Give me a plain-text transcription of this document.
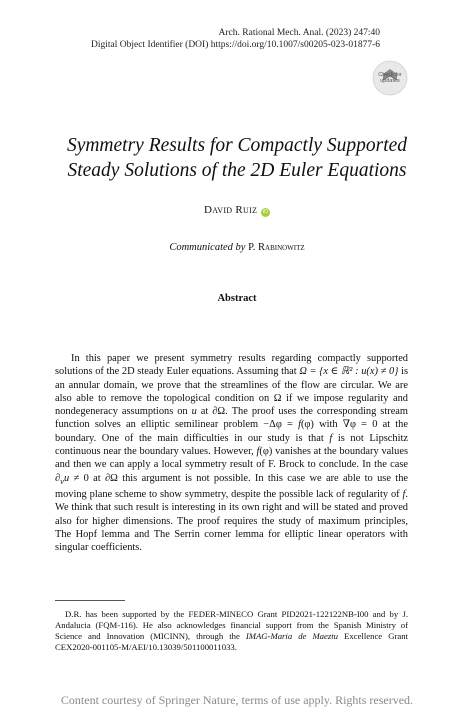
Arch. Rational Mech. Anal. (2023) 247:40
Digital Object Identifier (DOI) https://doi.org/10.1007/s00205-023-01877-6
Check for
updates
Symmetry Results for Compactly Supported
Steady Solutions of the 2D Euler Equations
David Ruiz iD
Communicated by P. Rabinowitz
Abstract
In this paper we present symmetry results regarding compactly supported solutions of the 2D steady Euler equations. Assuming that Ω = {x ∈ ℝ² : u(x) ≠ 0} is an annular domain, we prove that the streamlines of the flow are circular. We are also able to remove the topological condition on Ω if we impose regularity and nondegeneracy assumptions on u at ∂Ω. The proof uses the corresponding stream function solves an elliptic semilinear problem −Δφ = f(φ) with ∇φ = 0 at the boundary. One of the main difficulties in our study is that f is not Lipschitz continuous near the boundary values. However, f(φ) vanishes at the boundary values and then we can apply a local symmetry result of F. Brock to conclude. In the case $\partial_\nu u \ne 0$ at ∂Ω this argument is not possible. In this case we are able to use the moving plane scheme to show symmetry, despite the possible lack of regularity of f. We think that such result is interesting in its own right and will be stated and proved also for higher dimensions. The proof requires the study of maximum principles, The Hopf lemma and The Serrin corner lemma for elliptic linear operators with singular coefficients.
D.R. has been supported by the FEDER-MINECO Grant PID2021-122122NB-I00 and by J. Andalucia (FQM-116). He also acknowledges financial support from the Spanish Ministry of Science and Innovation (MICINN), through the IMAG-Maria de Maeztu Excellence Grant CEX2020-001105-M/AEI/10.13039/501100011033.
Content courtesy of Springer Nature, terms of use apply. Rights reserved.
